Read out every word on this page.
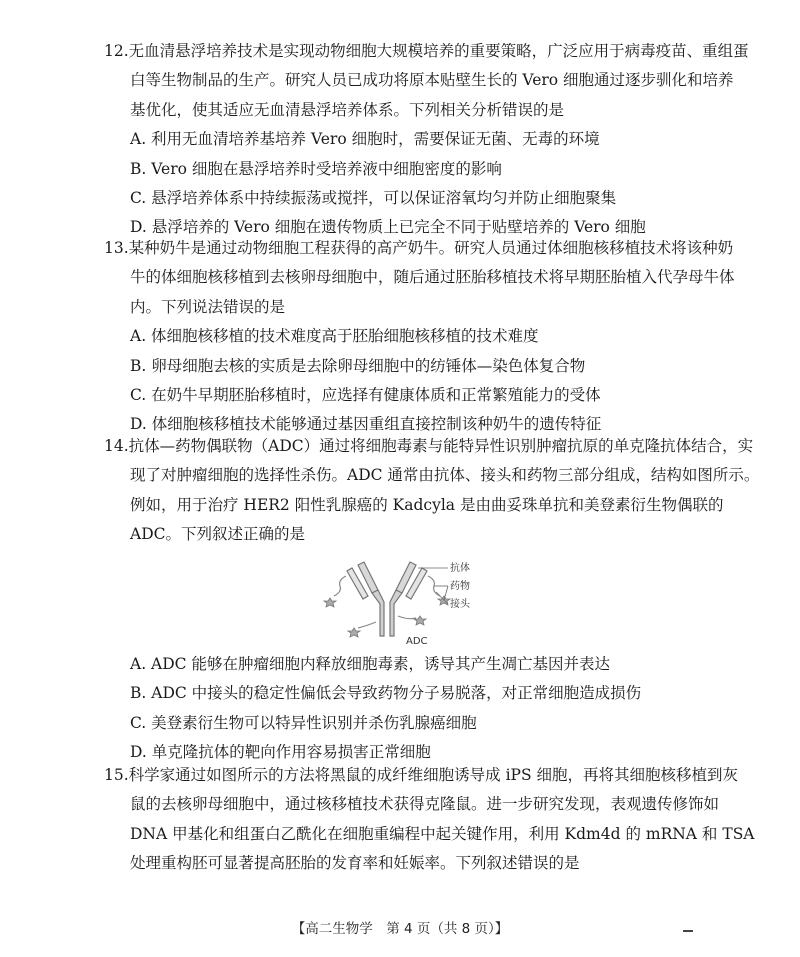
12.无血清悬浮培养技术是实现动物细胞大规模培养的重要策略，广泛应用于病毒疫苗、重组蛋
白等生物制品的生产。研究人员已成功将原本贴壁生长的 Vero 细胞通过逐步驯化和培养
基优化，使其适应无血清悬浮培养体系。下列相关分析错误的是
A. 利用无血清培养基培养 Vero 细胞时，需要保证无菌、无毒的环境
B. Vero 细胞在悬浮培养时受培养液中细胞密度的影响
C. 悬浮培养体系中持续振荡或搅拌，可以保证溶氧均匀并防止细胞聚集
D. 悬浮培养的 Vero 细胞在遗传物质上已完全不同于贴壁培养的 Vero 细胞
13.某种奶牛是通过动物细胞工程获得的高产奶牛。研究人员通过体细胞核移植技术将该种奶
牛的体细胞核移植到去核卵母细胞中，随后通过胚胎移植技术将早期胚胎植入代孕母牛体
内。下列说法错误的是
A. 体细胞核移植的技术难度高于胚胎细胞核移植的技术难度
B. 卵母细胞去核的实质是去除卵母细胞中的纺锤体—染色体复合物
C. 在奶牛早期胚胎移植时，应选择有健康体质和正常繁殖能力的受体
D. 体细胞核移植技术能够通过基因重组直接控制该种奶牛的遗传特征
14.抗体—药物偶联物（ADC）通过将细胞毒素与能特异性识别肿瘤抗原的单克隆抗体结合，实
现了对肿瘤细胞的选择性杀伤。ADC 通常由抗体、接头和药物三部分组成，结构如图所示。
例如，用于治疗 HER2 阳性乳腺癌的 Kadcyla 是由曲妥珠单抗和美登素衍生物偶联的
ADC。下列叙述正确的是
抗体
药物
接头
ADC
A. ADC 能够在肿瘤细胞内释放细胞毒素，诱导其产生凋亡基因并表达
B. ADC 中接头的稳定性偏低会导致药物分子易脱落，对正常细胞造成损伤
C. 美登素衍生物可以特异性识别并杀伤乳腺癌细胞
D. 单克隆抗体的靶向作用容易损害正常细胞
15.科学家通过如图所示的方法将黑鼠的成纤维细胞诱导成 iPS 细胞，再将其细胞核移植到灰
鼠的去核卵母细胞中，通过核移植技术获得克隆鼠。进一步研究发现，表观遗传修饰如
DNA 甲基化和组蛋白乙酰化在细胞重编程中起关键作用，利用 Kdm4d 的 mRNA 和 TSA
处理重构胚可显著提高胚胎的发育率和妊娠率。下列叙述错误的是
【高二生物学　第 4 页（共 8 页）】
